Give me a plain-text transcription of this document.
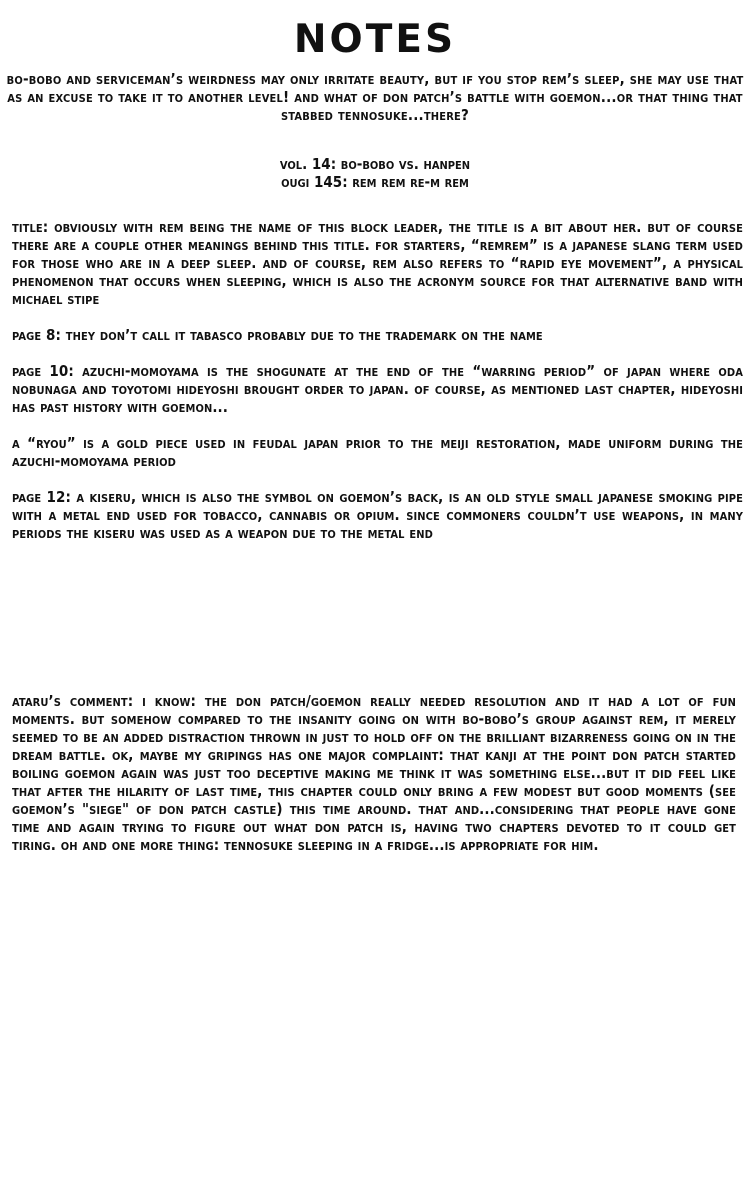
notes
bo-bobo and serviceman’s weirdness may only irritate beauty, but if you stop rem’s sleep, she may use that as an excuse to take it to another level! and what of don patch’s battle with goemon...or that thing that stabbed tennosuke...there?
vol. 14: bo-bobo vs. hanpen
ougi 145: rem rem re-m rem

title: obviously with rem being the name of this block leader, the title is a bit about her. but of course there are a couple other meanings behind this title. for starters, “remrem” is a japanese slang term used for those who are in a deep sleep. and of course, rem also refers to “rapid eye movement”, a physical phenomenon that occurs when sleeping, which is also the acronym source for that alternative band with michael stipe

page 8: they don’t call it tabasco probably due to the trademark on the name

page 10: azuchi-momoyama is the shogunate at the end of the “warring period” of japan where oda nobunaga and toyotomi hideyoshi brought order to japan. of course, as mentioned last chapter, hideyoshi has past history with goemon...

a “ryou” is a gold piece used in feudal japan prior to the meiji restoration, made uniform during the azuchi-momoyama period

page 12: a kiseru, which is also the symbol on goemon’s back, is an old style small japanese smoking pipe with a metal end used for tobacco, cannabis or opium. since commoners couldn’t use weapons, in many periods the kiseru was used as a weapon due to the metal end

ataru’s comment: i know: the don patch/goemon really needed resolution and it had a lot of fun moments. but somehow compared to the insanity going on with bo-bobo’s group against rem, it merely seemed to be an added distraction thrown in just to hold off on the brilliant bizarreness going on in the dream battle. ok, maybe my gripings has one major complaint: that kanji at the point don patch started boiling goemon again was just too deceptive making me think it was something else...but it did feel like that after the hilarity of last time, this chapter could only bring a few modest but good moments (see goemon’s "siege" of don patch castle) this time around. that and...considering that people have gone time and again trying to figure out what don patch is, having two chapters devoted to it could get tiring. oh and one more thing: tennosuke sleeping in a fridge...is appropriate for him.
